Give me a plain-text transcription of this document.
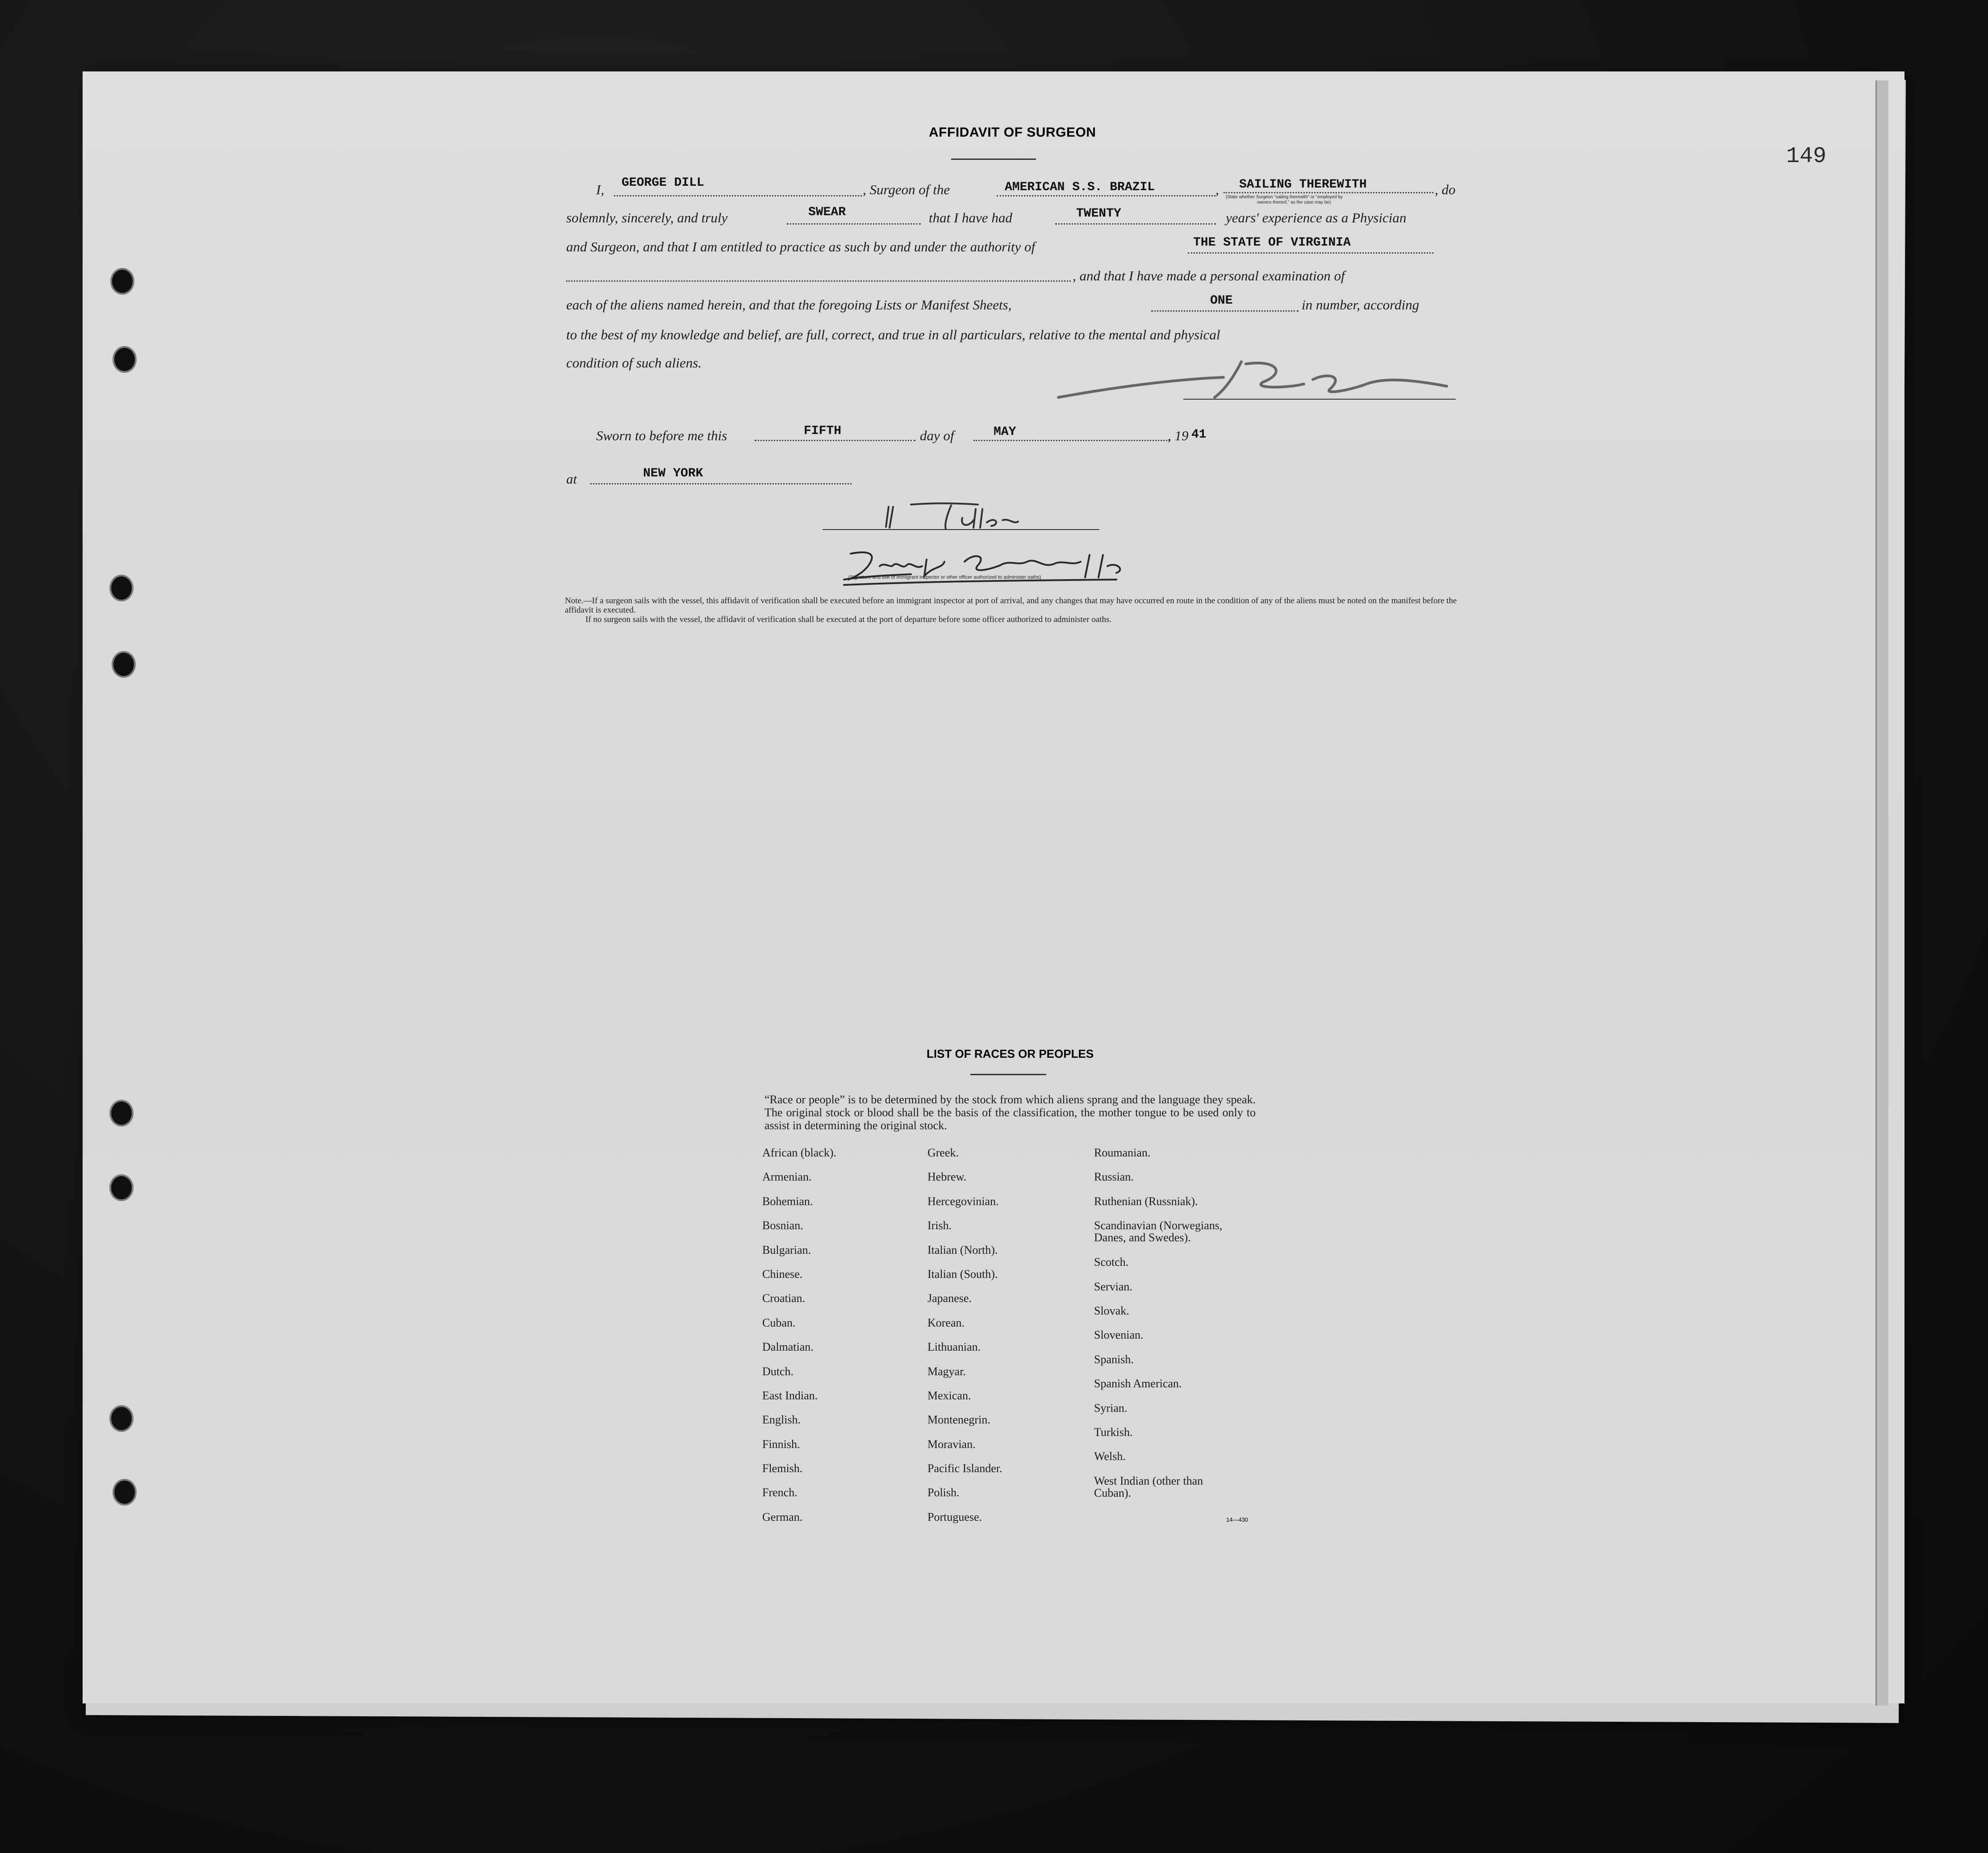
149
AFFIDAVIT OF SURGEON
I, GEORGE DILL	, Surgeon of the	AMERICAN S.S. BRAZIL	, SAILING THEREWITH	, do
(State whether Surgeon "sailing therewith" or "employed by
owners thereof," as the case may be)
solemnly, sincerely, and truly	SWEAR	that I have had	TWENTY	years' experience as a Physician
and Surgeon, and that I am entitled to practice as such by and under the authority of	THE STATE OF VIRGINIA
, and that I have made a personal examination of
each of the aliens named herein, and that the foregoing Lists or Manifest Sheets,	ONE	in number, according
to the best of my knowledge and belief, are full, correct, and true in all particulars, relative to the mental and physical
condition of such aliens.
Sworn to before me this	FIFTH	day of	MAY	, 19 41
at	NEW YORK
(Signature and title of immigrant inspector or other officer authorized to administer oaths)

Note.—If a surgeon sails with the vessel, this affidavit of verification shall be executed before an immigrant inspector at port of arrival, and any changes that may have occurred en route in the condition of any of the aliens must be noted on the manifest before the affidavit is executed.

If no surgeon sails with the vessel, the affidavit of verification shall be executed at the port of departure before some officer authorized to administer oaths.

LIST OF RACES OR PEOPLES
“Race or people” is to be determined by the stock from which aliens sprang and the language they speak. The original stock or blood shall be the basis of the classification, the mother tongue to be used only to assist in determining the original stock.
African (black).
Armenian.
Bohemian.
Bosnian.
Bulgarian.
Chinese.
Croatian.
Cuban.
Dalmatian.
Dutch.
East Indian.
English.
Finnish.
Flemish.
French.
German.
Greek.
Hebrew.
Hercegovinian.
Irish.
Italian (North).
Italian (South).
Japanese.
Korean.
Lithuanian.
Magyar.
Mexican.
Montenegrin.
Moravian.
Pacific Islander.
Polish.
Portuguese.
Roumanian.
Russian.
Ruthenian (Russniak).
Scandinavian (Norwegians,
Danes, and Swedes).
Scotch.
Servian.
Slovak.
Slovenian.
Spanish.
Spanish American.
Syrian.
Turkish.
Welsh.
West Indian (other than
Cuban).
14—430
